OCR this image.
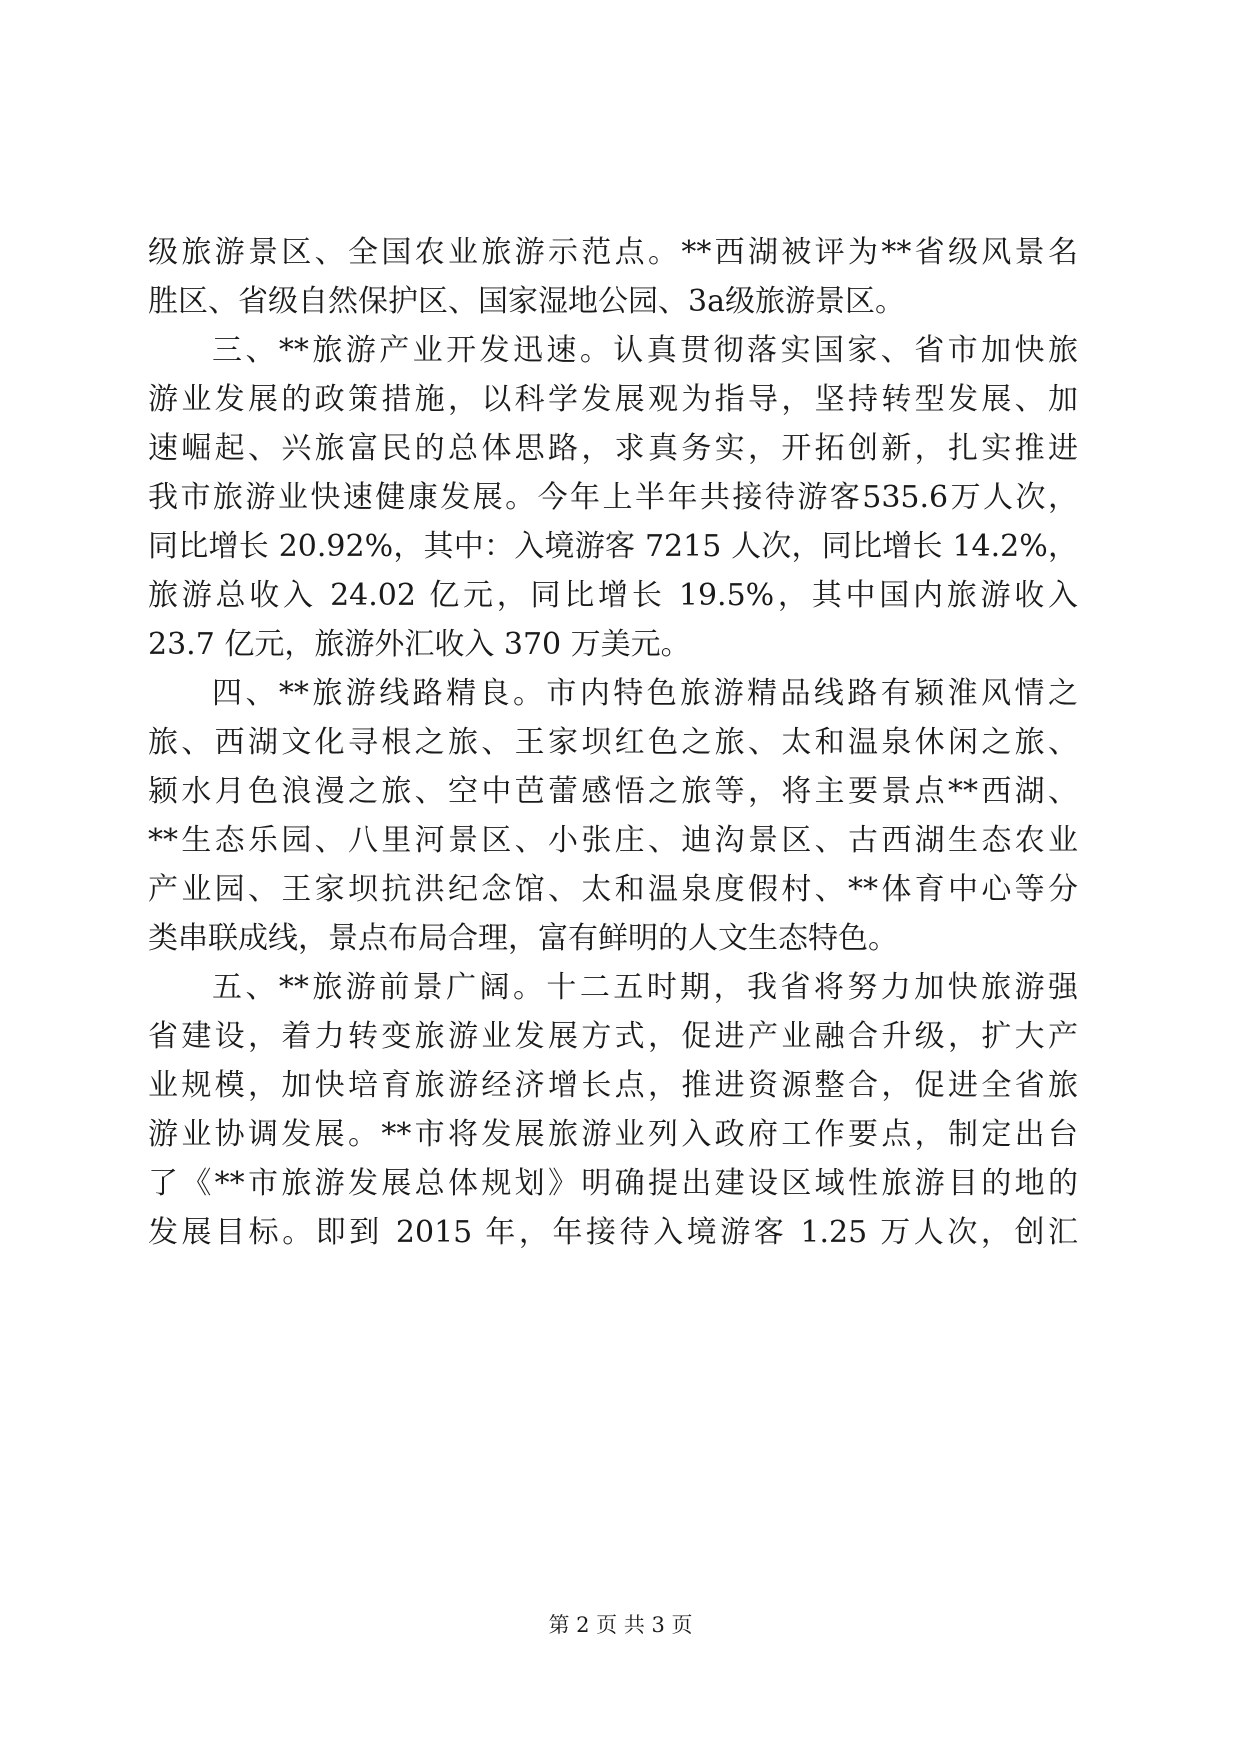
级旅游景区、全国农业旅游示范点。**西湖被评为**省级风景名
胜区、省级自然保护区、国家湿地公园、3a级旅游景区。
三、**旅游产业开发迅速。认真贯彻落实国家、省市加快旅
游业发展的政策措施，以科学发展观为指导，坚持转型发展、加
速崛起、兴旅富民的总体思路，求真务实，开拓创新，扎实推进
我市旅游业快速健康发展。今年上半年共接待游客535.6万人次，
同比增长 20.92%，其中：入境游客 7215 人次，同比增长 14.2%，
旅游总收入 24.02 亿元，同比增长 19.5%，其中国内旅游收入
23.7 亿元，旅游外汇收入 370 万美元。
四、**旅游线路精良。市内特色旅游精品线路有颍淮风情之
旅、西湖文化寻根之旅、王家坝红色之旅、太和温泉休闲之旅、
颍水月色浪漫之旅、空中芭蕾感悟之旅等，将主要景点**西湖、
**生态乐园、八里河景区、小张庄、迪沟景区、古西湖生态农业
产业园、王家坝抗洪纪念馆、太和温泉度假村、**体育中心等分
类串联成线，景点布局合理，富有鲜明的人文生态特色。
五、**旅游前景广阔。十二五时期，我省将努力加快旅游强
省建设，着力转变旅游业发展方式，促进产业融合升级，扩大产
业规模，加快培育旅游经济增长点，推进资源整合，促进全省旅
游业协调发展。**市将发展旅游业列入政府工作要点，制定出台
了《**市旅游发展总体规划》明确提出建设区域性旅游目的地的
发展目标。即到 2015 年，年接待入境游客 1.25 万人次，创汇
第 2 页 共 3 页
